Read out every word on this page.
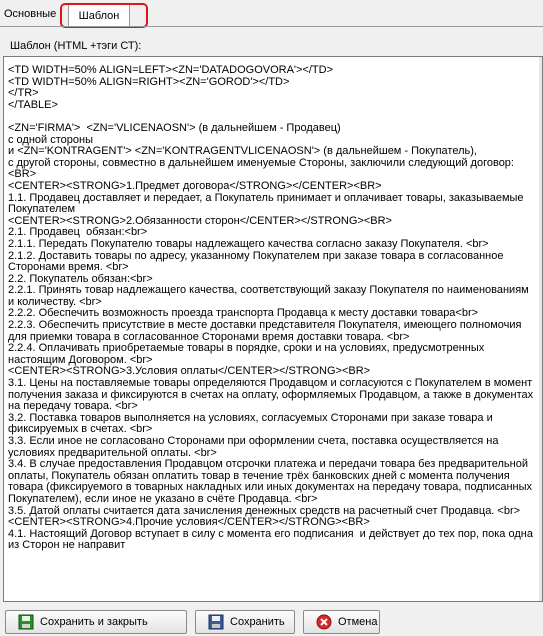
Основные	Шаблон
Шаблон (HTML +тэги СТ):
<TD WIDTH=50% ALIGN=LEFT><ZN='DATADOGOVORA'></TD>
<TD WIDTH=50% ALIGN=RIGHT><ZN='GOROD'></TD>
</TR>
</TABLE>

<ZN='FIRMA'>  <ZN='VLICENAOSN'> (в дальнейшем - Продавец)
с одной стороны
и <ZN='KONTRAGENT'> <ZN='KONTRAGENTVLICENAOSN'> (в дальнейшем - Покупатель),
с другой стороны, совместно в дальнейшем именуемые Стороны, заключили следующий договор:<BR>
<CENTER><STRONG>1.Предмет договора</STRONG></CENTER><BR>
1.1. Продавец доставляет и передает, а Покупатель принимает и оплачивает товары, заказываемые Покупателем
<CENTER><STRONG>2.Обязанности сторон</CENTER></STRONG><BR>
2.1. Продавец  обязан:<br>
2.1.1. Передать Покупателю товары надлежащего качества согласно заказу Покупателя. <br>
2.1.2. Доставить товары по адресу, указанному Покупателем при заказе товара в согласованное Сторонами время. <br>
2.2. Покупатель обязан:<br>
2.2.1. Принять товар надлежащего качества, соответствующий заказу Покупателя по наименованиям и количеству. <br>
2.2.2. Обеспечить возможность проезда транспорта Продавца к месту доставки товара<br>
2.2.3. Обеспечить присутствие в месте доставки представителя Покупателя, имеющего полномочия для приемки товара в согласованное Сторонами время доставки товара. <br>
2.2.4. Оплачивать приобретаемые товары в порядке, сроки и на условиях, предусмотренных настоящим Договором. <br>
<CENTER><STRONG>3.Условия оплаты</CENTER></STRONG><BR>
3.1. Цены на поставляемые товары определяются Продавцом и согласуются с Покупателем в момент получения заказа и фиксируются в счетах на оплату, оформляемых Продавцом, а также в документах на передачу товара. <br>
3.2. Поставка товаров выполняется на условиях, согласуемых Сторонами при заказе товара и фиксируемых в счетах. <br>
3.3. Если иное не согласовано Сторонами при оформлении счета, поставка осуществляется на условиях предварительной оплаты. <br>
3.4. В случае предоставления Продавцом отсрочки платежа и передачи товара без предварительной оплаты, Покупатель обязан оплатить товар в течение трёх банковских дней с момента получения товара (фиксируемого в товарных накладных или иных документах на передачу товара, подписанных Покупателем), если иное не указано в счёте Продавца. <br>
3.5. Датой оплаты считается дата зачисления денежных средств на расчетный счет Продавца. <br>
<CENTER><STRONG>4.Прочие условия</CENTER></STRONG><BR>
4.1. Настоящий Договор вступает в силу с момента его подписания  и действует до тех пор, пока одна из Сторон не направит
Сохранить и закрыть	Сохранить	Отмена
